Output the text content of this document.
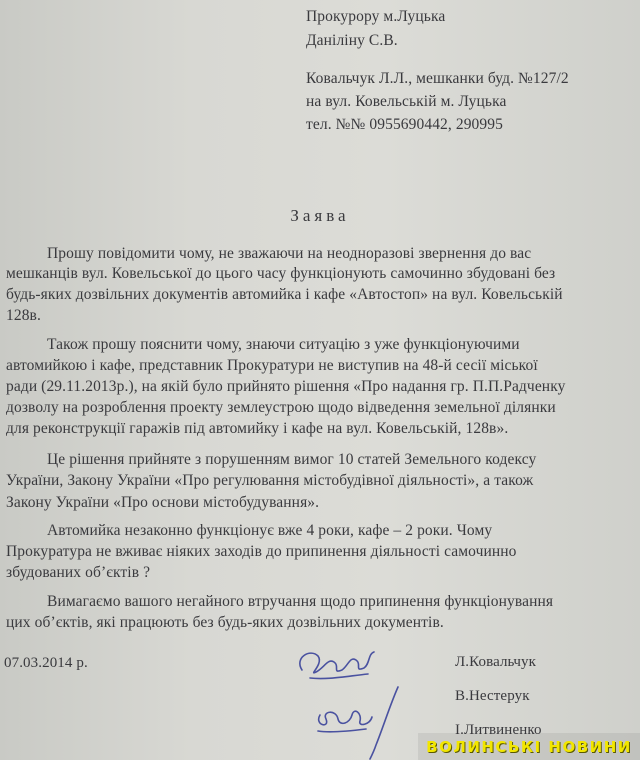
Прокурору м.Луцька
Даніліну С.В.
Ковальчук Л.Л., мешканки буд. №127/2
на вул. Ковельській м. Луцька
тел. №№ 0955690442, 290995
Заява
Прошу повідомити чому, не зважаючи на неодноразові звернення до вас
мешканців вул. Ковельської до цього часу функціонують самочинно збудовані без
будь-яких дозвільних документів автомийка і кафе «Автостоп» на вул. Ковельській
128в.
Також прошу пояснити чому, знаючи ситуацію з уже функціонуючими
автомийкою і кафе, представник Прокуратури не виступив на 48-й сесії міської
ради (29.11.2013р.), на якій було прийнято рішення «Про надання гр. П.П.Радченку
дозволу на розроблення проекту землеустрою щодо відведення земельної ділянки
для реконструкції гаражів під автомийку і кафе на вул. Ковельській, 128в».
Це рішення прийняте з порушенням вимог 10 статей Земельного кодексу
України, Закону України «Про регулювання містобудівної діяльності», а також
Закону України «Про основи містобудування».
Автомийка незаконно функціонує вже 4 роки, кафе – 2 роки. Чому
Прокуратура не вживає ніяких заходів до припинення діяльності самочинно
збудованих об’єктів ?
Вимагаємо вашого негайного втручання щодо припинення функціонування
цих об’єктів, які працюють без будь-яких дозвільних документів.
07.03.2014 р.	Л.Ковальчук
В.Нестерук
І.Литвиненко
ВОЛИНСЬКІ НОВИНИ
